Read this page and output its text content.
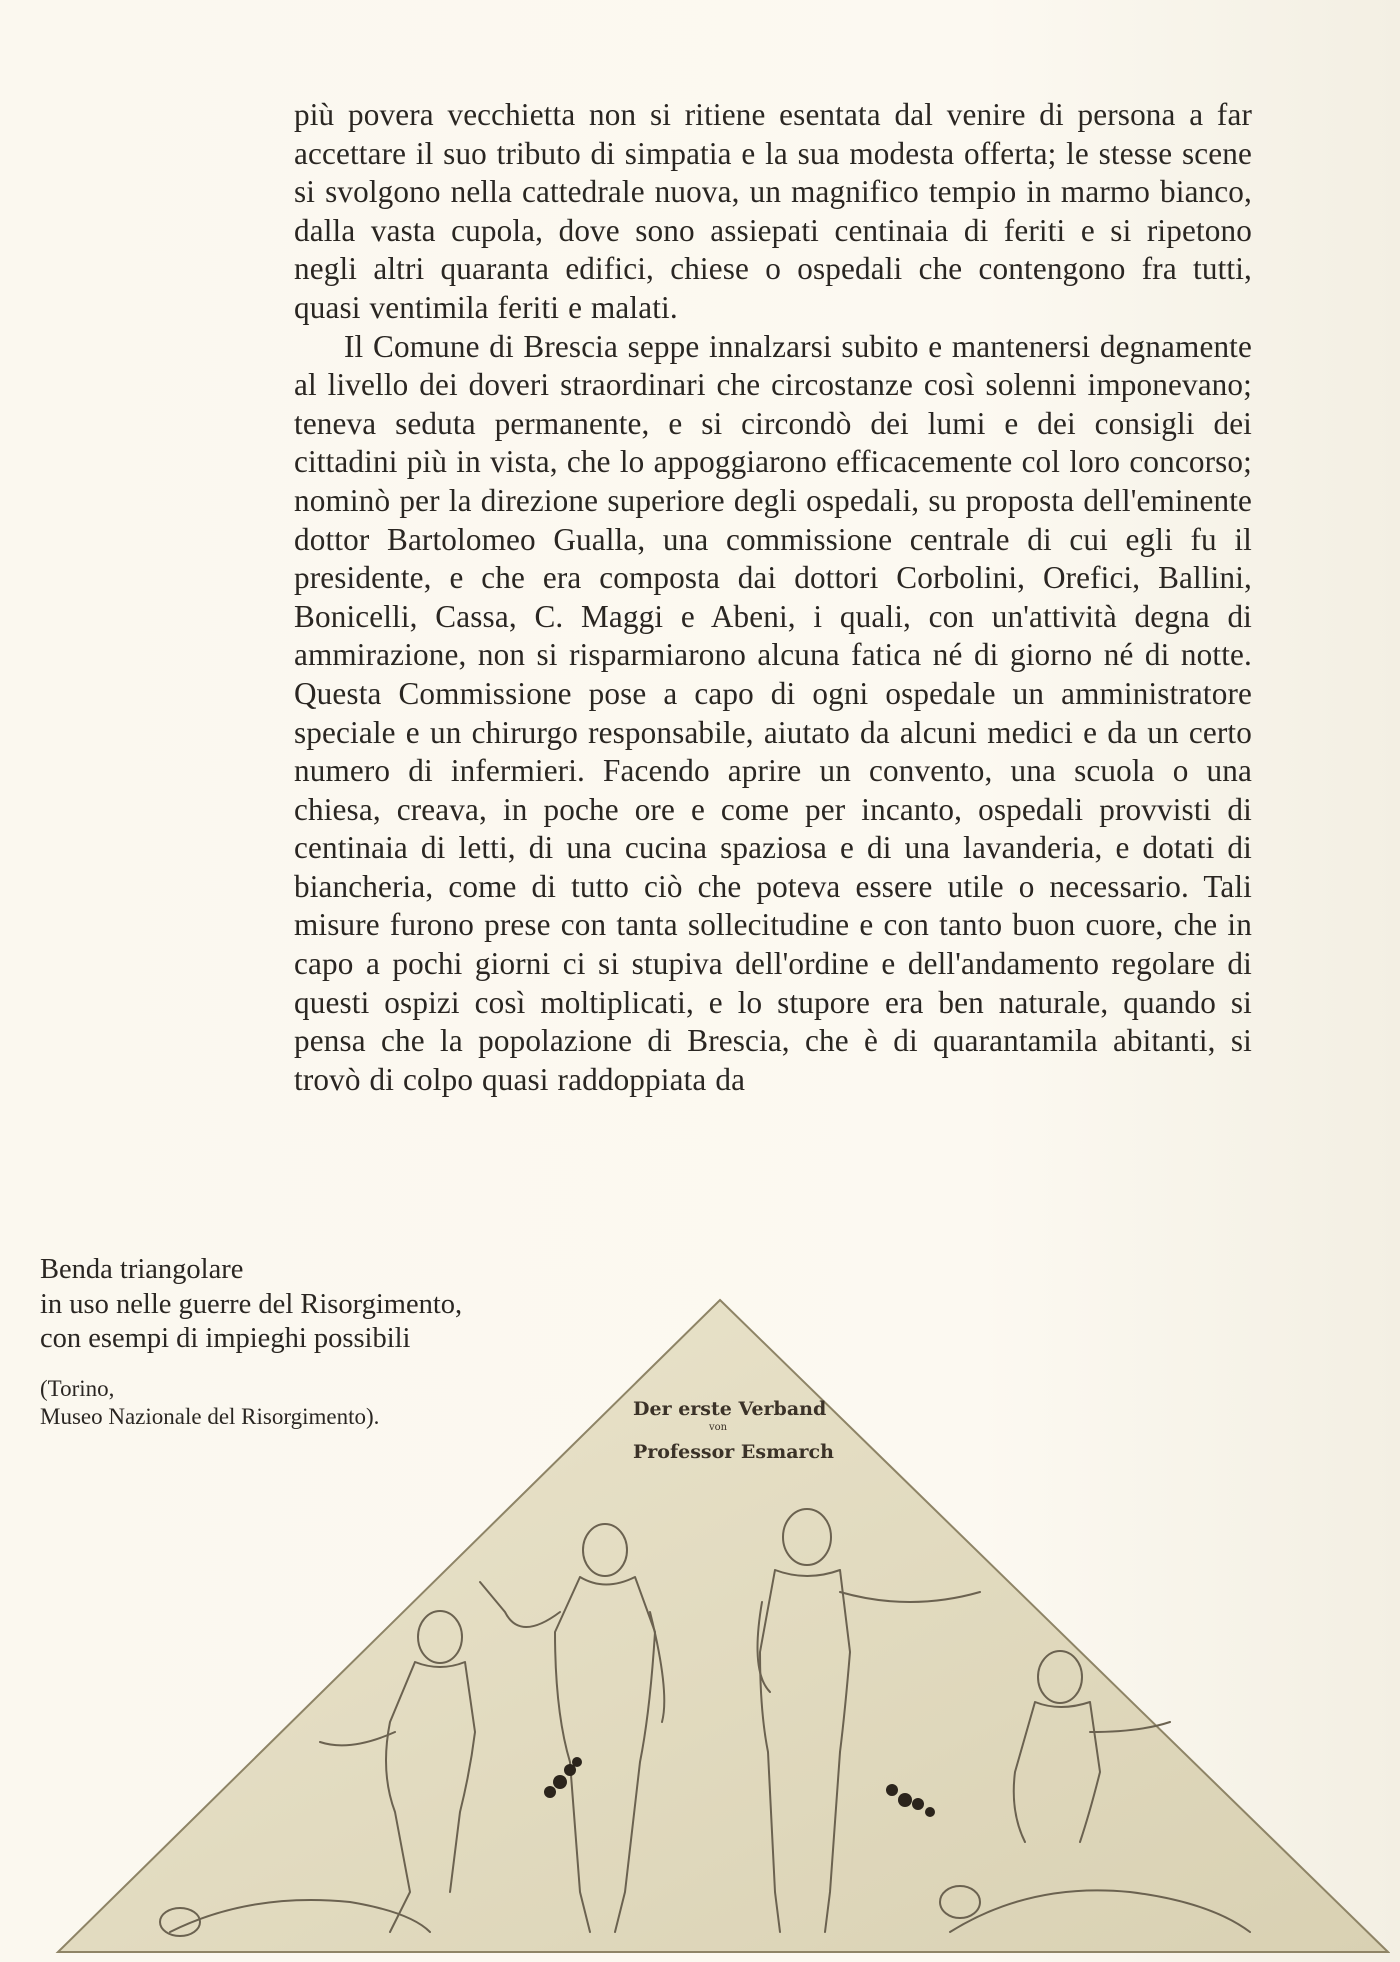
più povera vecchietta non si ritiene esentata dal venire di persona a far accettare il suo tributo di simpatia e la sua modesta offerta; le stesse scene si svolgono nella cattedrale nuova, un magnifico tempio in marmo bianco, dalla vasta cupola, dove sono assiepati centinaia di feriti e si ripetono negli altri quaranta edifici, chiese o ospedali che contengono fra tutti, quasi ventimila feriti e malati.

Il Comune di Brescia seppe innalzarsi subito e mantenersi degnamente al livello dei doveri straordinari che circostanze così solenni imponevano; teneva seduta permanente, e si circondò dei lumi e dei consigli dei cittadini più in vista, che lo appoggiarono efficacemente col loro concorso; nominò per la direzione superiore degli ospedali, su proposta dell'eminente dottor Bartolomeo Gualla, una commissione centrale di cui egli fu il presidente, e che era composta dai dottori Corbolini, Orefici, Ballini, Bonicelli, Cassa, C. Maggi e Abeni, i quali, con un'attività degna di ammirazione, non si risparmiarono alcuna fatica né di giorno né di notte. Questa Commissione pose a capo di ogni ospedale un amministratore speciale e un chirurgo responsabile, aiutato da alcuni medici e da un certo numero di infermieri. Facendo aprire un convento, una scuola o una chiesa, creava, in poche ore e come per incanto, ospedali provvisti di centinaia di letti, di una cucina spaziosa e di una lavanderia, e dotati di biancheria, come di tutto ciò che poteva essere utile o necessario. Tali misure furono prese con tanta sollecitudine e con tanto buon cuore, che in capo a pochi giorni ci si stupiva dell'ordine e dell'andamento regolare di questi ospizi così moltiplicati, e lo stupore era ben naturale, quando si pensa che la popolazione di Brescia, che è di quarantamila abitanti, si trovò di colpo quasi raddoppiata da

Benda triangolare
in uso nelle guerre del Risorgimento,
con esempi di impieghi possibili

(Torino,
Museo Nazionale del Risorgimento).	Der erste Verband
von
Professor Esmarch
